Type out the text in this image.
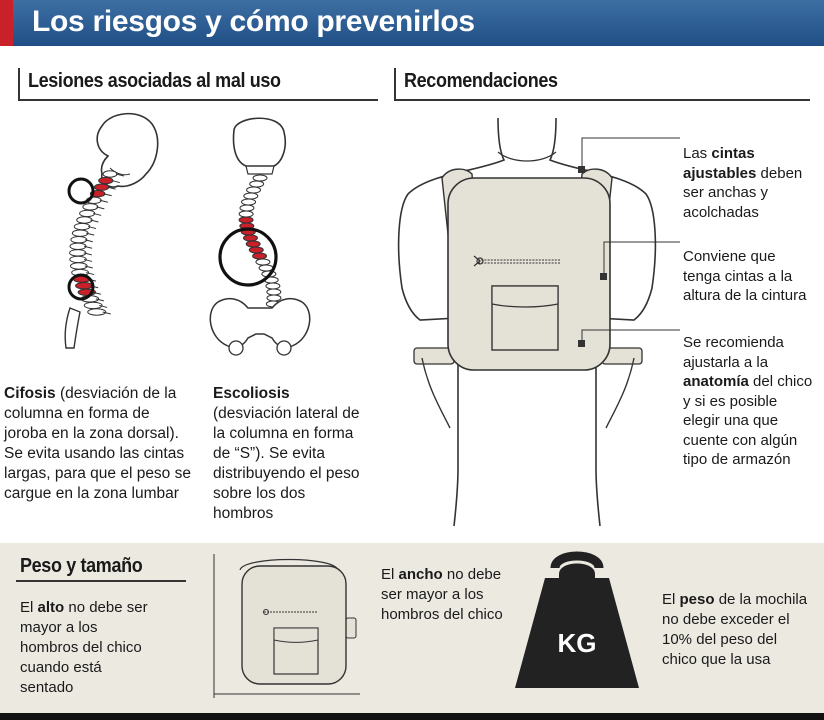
Los riesgos y cómo prevenirlos
Lesiones asociadas al mal uso	Recomendaciones
Cifosis (desviación de la columna en forma de joroba en la zona dorsal). Se evita usando las cintas largas, para que el peso se cargue en la zona lumbar
Escoliosis (desviación lateral de la columna en forma de “S”). Se evita distribuyendo el peso sobre los dos hombros
Las cintas ajustables deben ser anchas y acolchadas
Conviene que tenga cintas a la altura de la cintura
Se recomienda ajustarla a la anatomía del chico y si es posible elegir una que cuente con algún tipo de armazón
Peso y tamaño
El alto no debe ser mayor a los hombros del chico cuando está sentado
El ancho no debe ser mayor a los hombros del chico
KG
El peso de la mochila no debe exceder el 10% del peso del chico que la usa
